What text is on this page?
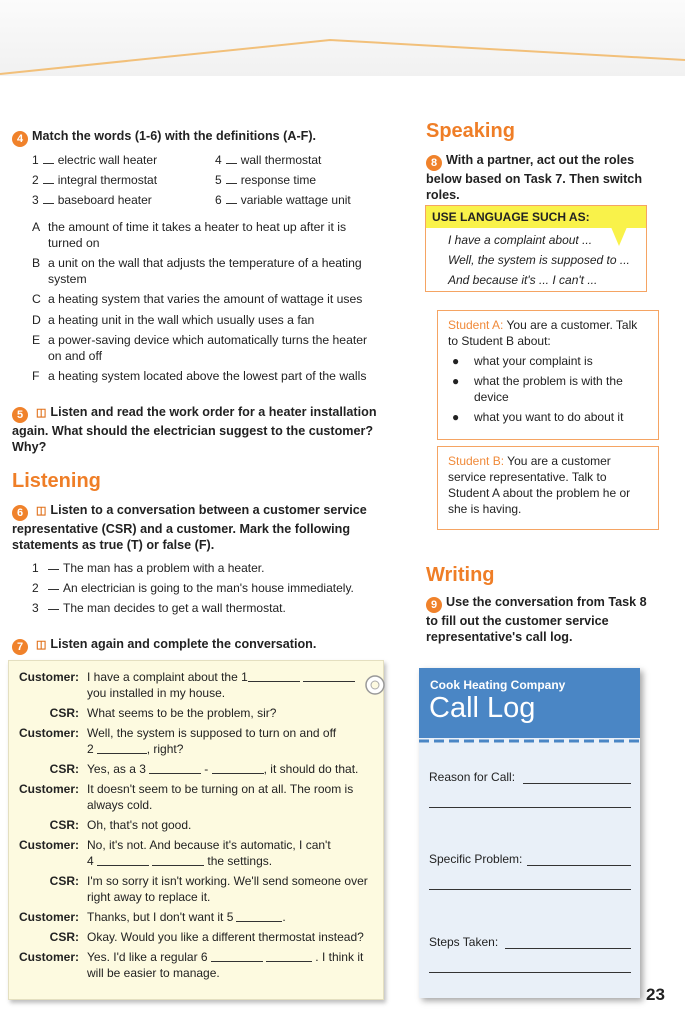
4 Match the words (1-6) with the definitions (A-F).
1 electric wall heater
2 integral thermostat
3 baseboard heater
4 wall thermostat
5 response time
6 variable wattage unit
A the amount of time it takes a heater to heat up after it is turned on
B a unit on the wall that adjusts the temperature of a heating system
C a heating system that varies the amount of wattage it uses
D a heating unit in the wall which usually uses a fan
E a power-saving device which automatically turns the heater on and off
F a heating system located above the lowest part of the walls
5 ◫ Listen and read the work order for a heater installation again. What should the electrician suggest to the customer? Why?
Listening
6 ◫ Listen to a conversation between a customer service representative (CSR) and a customer. Mark the following statements as true (T) or false (F).
1	The man has a problem with a heater.
2	An electrician is going to the man's house immediately.
3	The man decides to get a wall thermostat.
7 ◫ Listen again and complete the conversation.
Customer: I have a complaint about the 1
you installed in my house.
CSR: What seems to be the problem, sir?
Customer: Well, the system is supposed to turn on and off
2	, right?
CSR: Yes, as a 3	-	, it should do that.
Customer: It doesn't seem to be turning on at all. The room is always cold.
CSR: Oh, that's not good.
Customer: No, it's not. And because it's automatic, I can't
4	the settings.
CSR: I'm so sorry it isn't working. We'll send someone over right away to replace it.
Customer: Thanks, but I don't want it 5	.
CSR: Okay. Would you like a different thermostat instead?
Customer: Yes. I'd like a regular 6	. I think it
will be easier to manage.
Speaking
8 With a partner, act out the roles below based on Task 7. Then switch roles.
USE LANGUAGE SUCH AS:
I have a complaint about ...
Well, the system is supposed to ...
And because it's ... I can't ...
Student A: You are a customer. Talk to Student B about:
●	what your complaint is
●	what the problem is with the device
●	what you want to do about it
Student B: You are a customer service representative. Talk to Student A about the problem he or she is having.
Writing
9 Use the conversation from Task 8 to fill out the customer service representative's call log.
Cook Heating Company
Call Log
Reason for Call:
Specific Problem:
Steps Taken:
23
